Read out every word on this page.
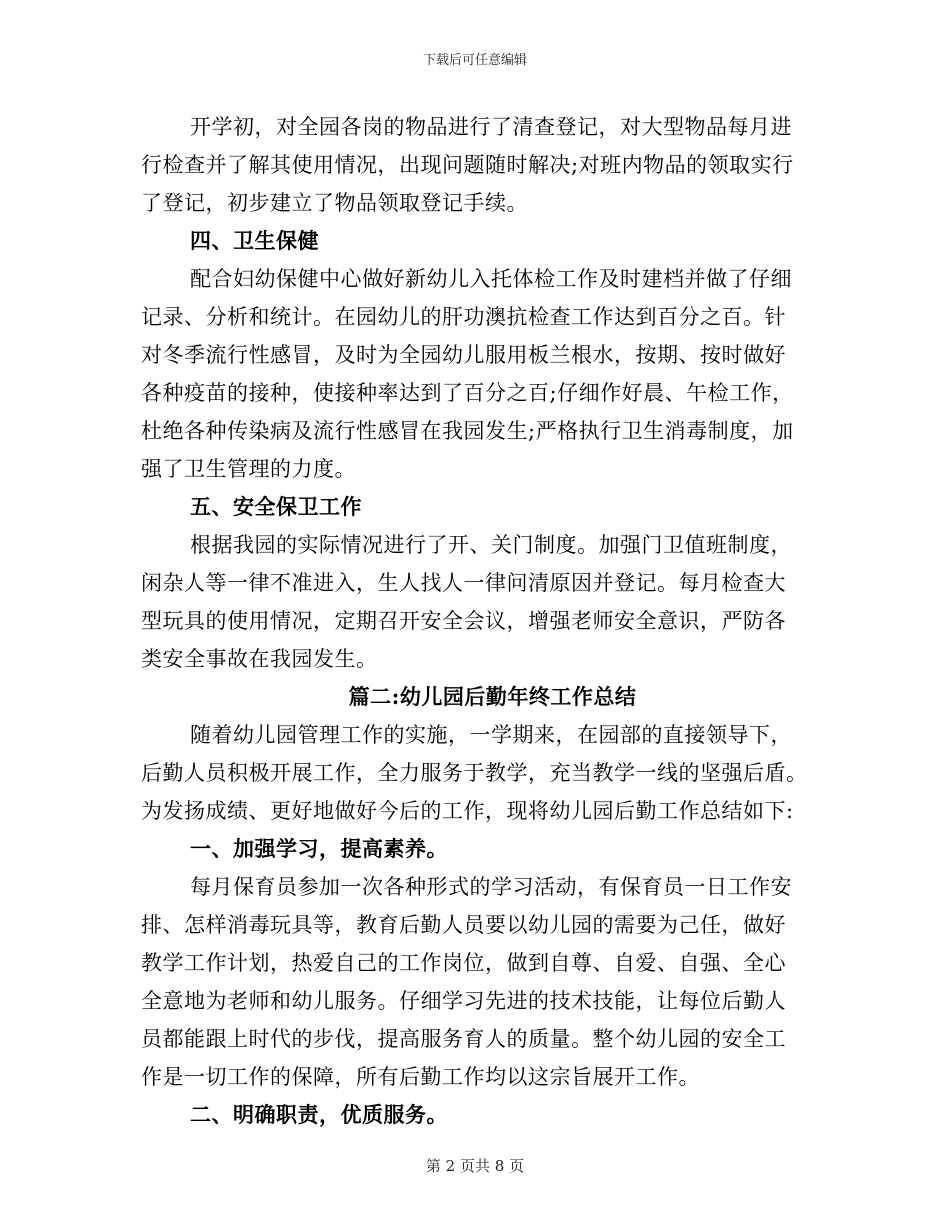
下载后可任意编辑
开学初，对全园各岗的物品进行了清查登记，对大型物品每月进
行检查并了解其使用情况，出现问题随时解决;对班内物品的领取实行
了登记，初步建立了物品领取登记手续。
四、卫生保健
配合妇幼保健中心做好新幼儿入托体检工作及时建档并做了仔细
记录、分析和统计。在园幼儿的肝功澳抗检查工作达到百分之百。针
对冬季流行性感冒，及时为全园幼儿服用板兰根水，按期、按时做好
各种疫苗的接种，使接种率达到了百分之百;仔细作好晨、午检工作，
杜绝各种传染病及流行性感冒在我园发生;严格执行卫生消毒制度，加
强了卫生管理的力度。
五、安全保卫工作
根据我园的实际情况进行了开、关门制度。加强门卫值班制度，
闲杂人等一律不准进入，生人找人一律问清原因并登记。每月检查大
型玩具的使用情况，定期召开安全会议，增强老师安全意识，严防各
类安全事故在我园发生。
篇二:幼儿园后勤年终工作总结
随着幼儿园管理工作的实施，一学期来，在园部的直接领导下，
后勤人员积极开展工作，全力服务于教学，充当教学一线的坚强后盾。
为发扬成绩、更好地做好今后的工作，现将幼儿园后勤工作总结如下:
一、加强学习，提高素养。
每月保育员参加一次各种形式的学习活动，有保育员一日工作安
排、怎样消毒玩具等，教育后勤人员要以幼儿园的需要为己任，做好
教学工作计划，热爱自己的工作岗位，做到自尊、自爱、自强、全心
全意地为老师和幼儿服务。仔细学习先进的技术技能，让每位后勤人
员都能跟上时代的步伐，提高服务育人的质量。整个幼儿园的安全工
作是一切工作的保障，所有后勤工作均以这宗旨展开工作。
二、明确职责，优质服务。
第 2 页共 8 页
